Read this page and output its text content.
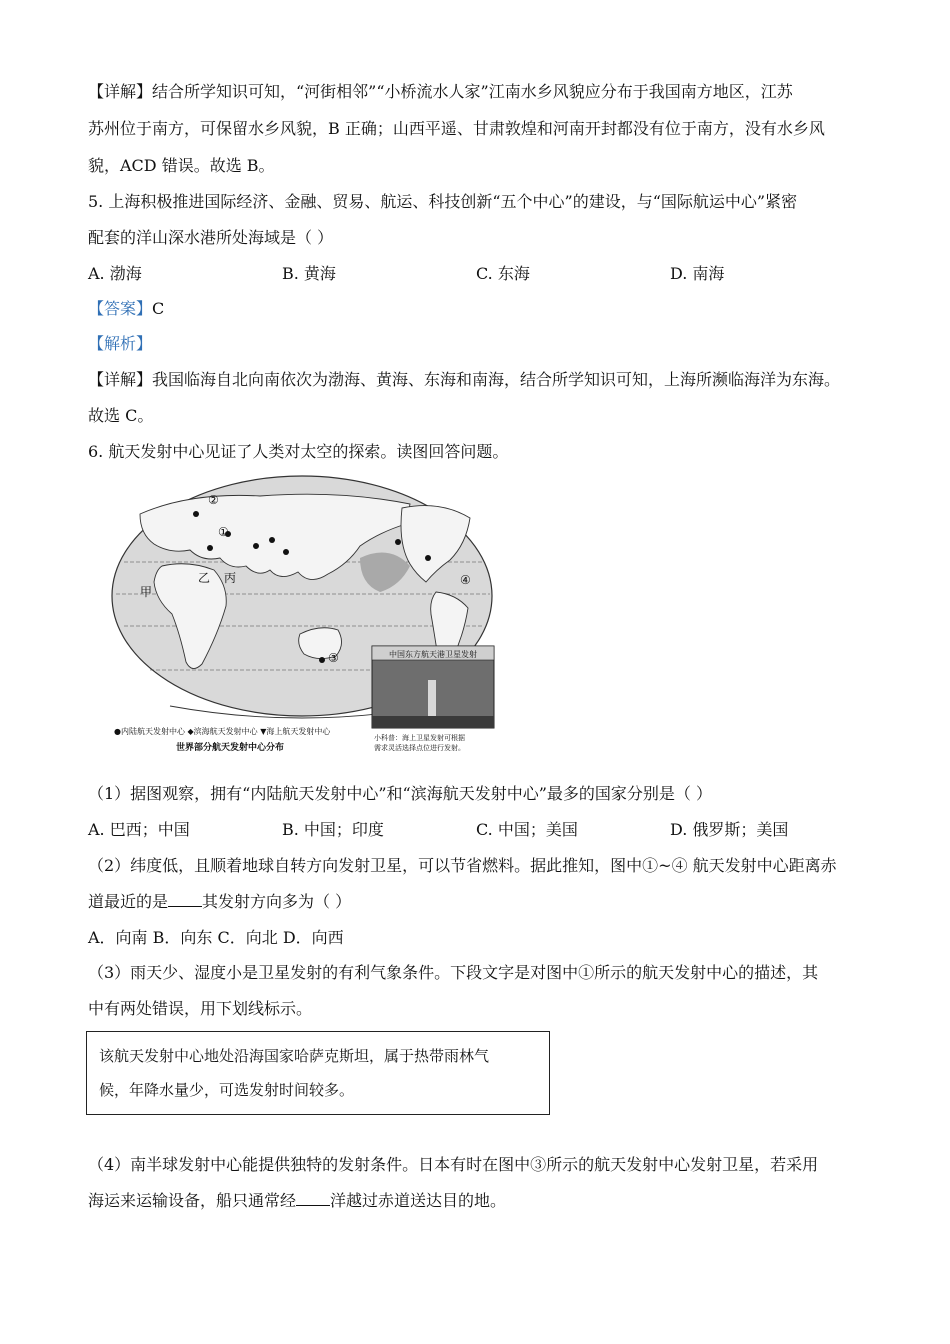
【详解】结合所学知识可知，“河街相邻”“小桥流水人家”江南水乡风貌应分布于我国南方地区，江苏
苏州位于南方，可保留水乡风貌，B 正确；山西平遥、甘肃敦煌和河南开封都没有位于南方，没有水乡风
貌，ACD 错误。故选 B。
5. 上海积极推进国际经济、金融、贸易、航运、科技创新“五个中心”的建设，与“国际航运中心”紧密
配套的洋山深水港所处海域是（ ）
A. 渤海	B. 黄海	C. 东海	D. 南海
【答案】C
【解析】
【详解】我国临海自北向南依次为渤海、黄海、东海和南海，结合所学知识可知，上海所濒临海洋为东海。
故选 C。
6. 航天发射中心见证了人类对太空的探索。读图回答问题。
②
①
④
③
乙 丙
甲
中国东方航天港卫星发射
小科普：海上卫星发射可根据
需求灵活选择点位进行发射。
●内陆航天发射中心 ◆滨海航天发射中心 ▼海上航天发射中心
世界部分航天发射中心分布
（1）据图观察，拥有“内陆航天发射中心”和“滨海航天发射中心”最多的国家分别是（ ）
A. 巴西；中国	B. 中国；印度	C. 中国；美国	D. 俄罗斯；美国
（2）纬度低，且顺着地球自转方向发射卫星，可以节省燃料。据此推知，图中①~④ 航天发射中心距离赤
道最近的是 其发射方向多为（ ）
A．向南 B．向东 C．向北 D．向西
（3）雨天少、湿度小是卫星发射的有利气象条件。下段文字是对图中①所示的航天发射中心的描述，其
中有两处错误，用下划线标示。
该航天发射中心地处沿海国家哈萨克斯坦，属于热带雨林气
候，年降水量少，可选发射时间较多。
（4）南半球发射中心能提供独特的发射条件。日本有时在图中③所示的航天发射中心发射卫星，若采用
海运来运输设备，船只通常经 洋越过赤道送达目的地。
